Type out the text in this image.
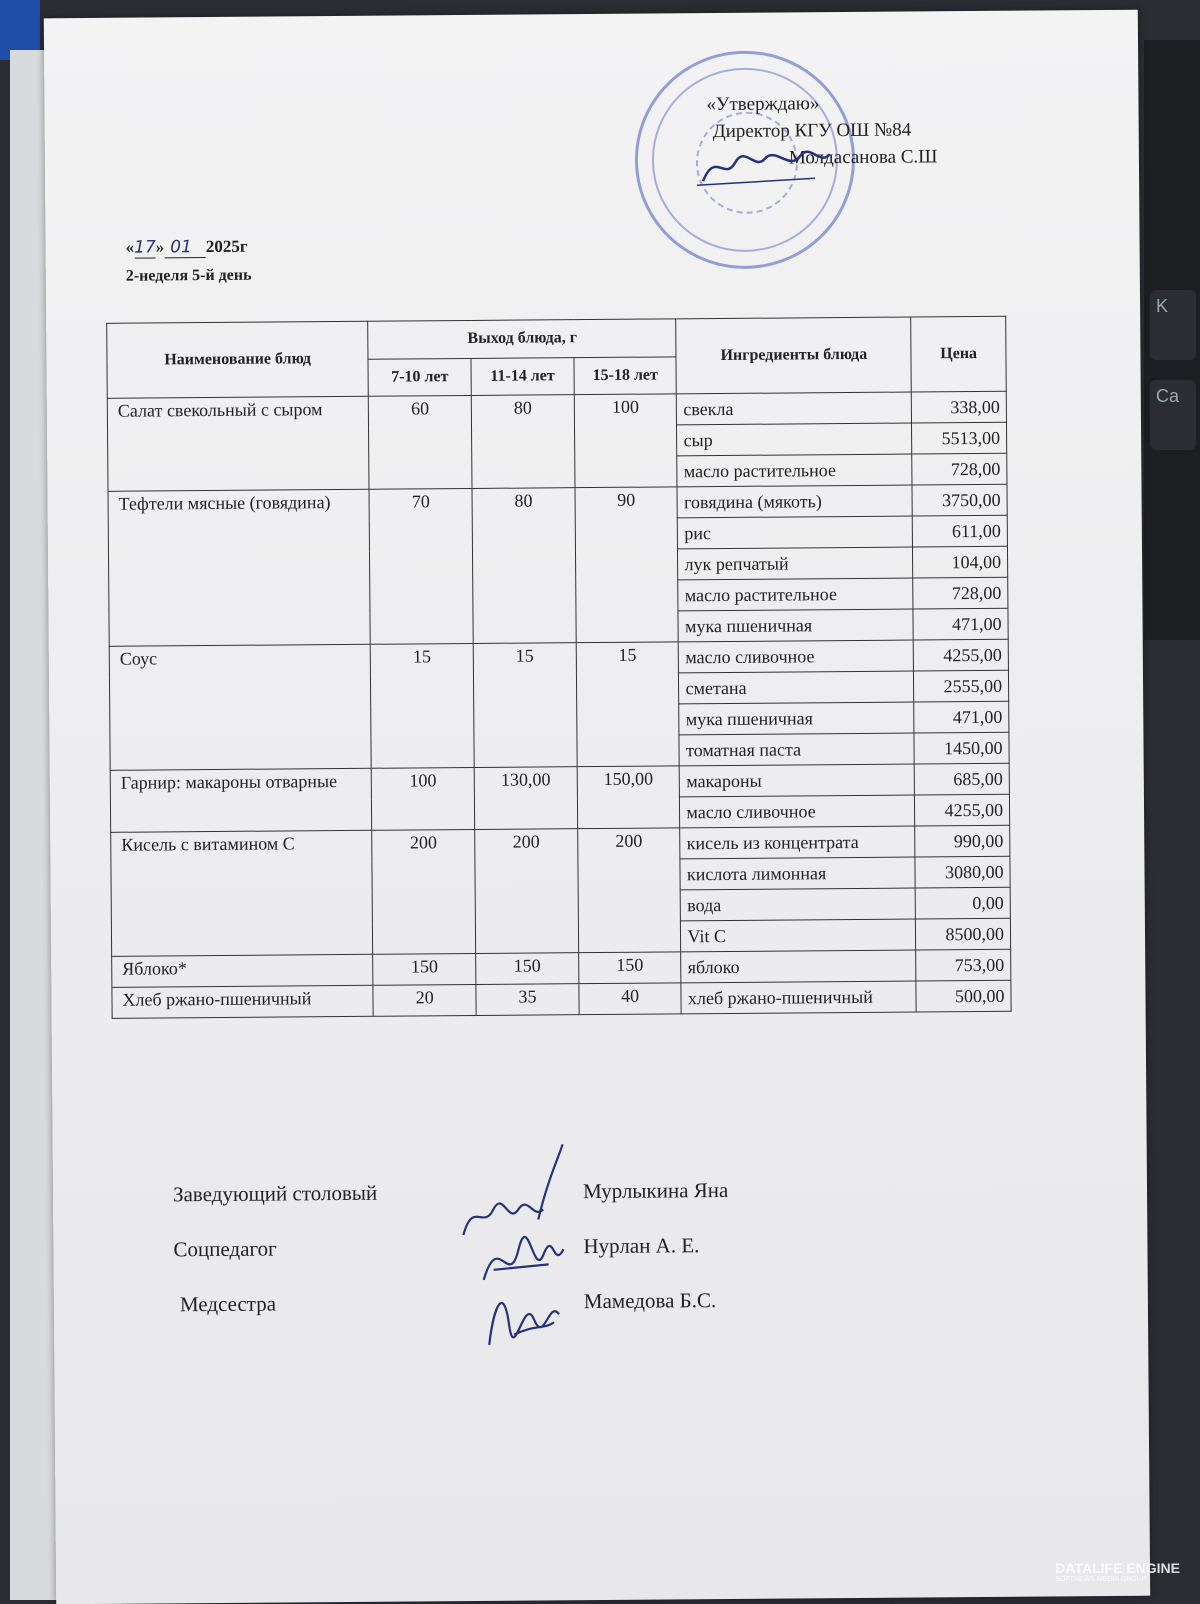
K
Ca
«Утверждаю»
Директор КГУ ОШ №84
Молдасанова С.Ш
«17» 01 2025г
2-неделя 5-й день
Наименование блюд	Выход блюда, г			Ингредиенты блюда	Цена
	7-10 лет	11-14 лет	15-18 лет		
Салат свекольный с сыром	60	80	100	свекла	338,00
				сыр	5513,00
				масло растительное	728,00
Тефтели мясные (говядина)	70	80	90	говядина (мякоть)	3750,00
				рис	611,00
				лук репчатый	104,00
				масло растительное	728,00
				мука пшеничная	471,00
Соус	15	15	15	масло сливочное	4255,00
				сметана	2555,00
				мука пшеничная	471,00
				томатная паста	1450,00
Гарнир: макароны отварные	100	130,00	150,00	макароны	685,00
				масло сливочное	4255,00
Кисель с витамином С	200	200	200	кисель из концентрата	990,00
				кислота лимонная	3080,00
				вода	0,00
				Vit C	8500,00
Яблоко*	150	150	150	яблоко	753,00
Хлеб ржано-пшеничный	20	35	40	хлеб ржано-пшеничный	500,00
Заведующий столовый	Мурлыкина Яна
Соцпедагог	Нурлан А. Е.
Медсестра	Мамедова Б.С.
DATALIFE ENGINE
SOFTNEWS MEDIA GROUP
